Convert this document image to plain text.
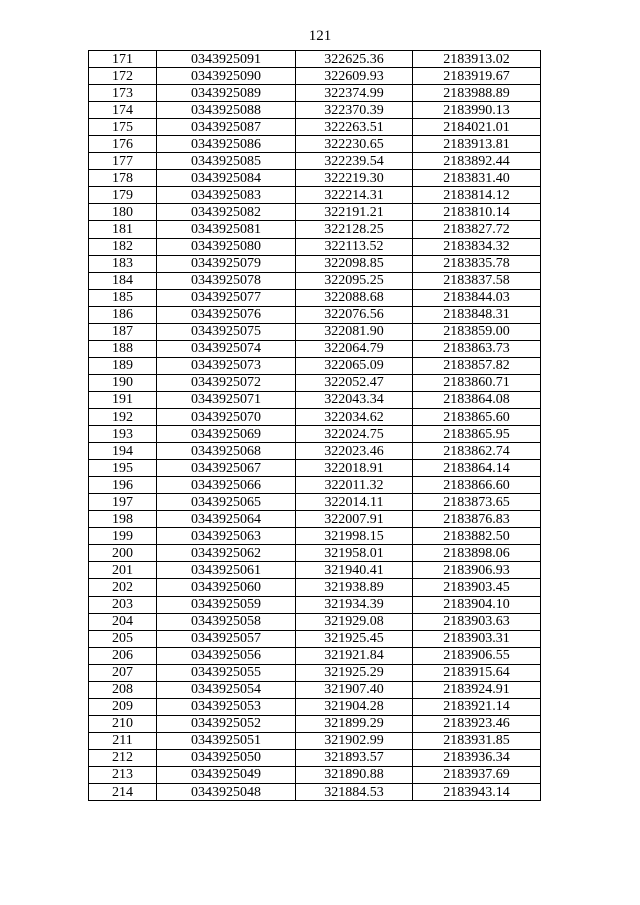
121
171	0343925091	322625.36	2183913.02
172	0343925090	322609.93	2183919.67
173	0343925089	322374.99	2183988.89
174	0343925088	322370.39	2183990.13
175	0343925087	322263.51	2184021.01
176	0343925086	322230.65	2183913.81
177	0343925085	322239.54	2183892.44
178	0343925084	322219.30	2183831.40
179	0343925083	322214.31	2183814.12
180	0343925082	322191.21	2183810.14
181	0343925081	322128.25	2183827.72
182	0343925080	322113.52	2183834.32
183	0343925079	322098.85	2183835.78
184	0343925078	322095.25	2183837.58
185	0343925077	322088.68	2183844.03
186	0343925076	322076.56	2183848.31
187	0343925075	322081.90	2183859.00
188	0343925074	322064.79	2183863.73
189	0343925073	322065.09	2183857.82
190	0343925072	322052.47	2183860.71
191	0343925071	322043.34	2183864.08
192	0343925070	322034.62	2183865.60
193	0343925069	322024.75	2183865.95
194	0343925068	322023.46	2183862.74
195	0343925067	322018.91	2183864.14
196	0343925066	322011.32	2183866.60
197	0343925065	322014.11	2183873.65
198	0343925064	322007.91	2183876.83
199	0343925063	321998.15	2183882.50
200	0343925062	321958.01	2183898.06
201	0343925061	321940.41	2183906.93
202	0343925060	321938.89	2183903.45
203	0343925059	321934.39	2183904.10
204	0343925058	321929.08	2183903.63
205	0343925057	321925.45	2183903.31
206	0343925056	321921.84	2183906.55
207	0343925055	321925.29	2183915.64
208	0343925054	321907.40	2183924.91
209	0343925053	321904.28	2183921.14
210	0343925052	321899.29	2183923.46
211	0343925051	321902.99	2183931.85
212	0343925050	321893.57	2183936.34
213	0343925049	321890.88	2183937.69
214	0343925048	321884.53	2183943.14
